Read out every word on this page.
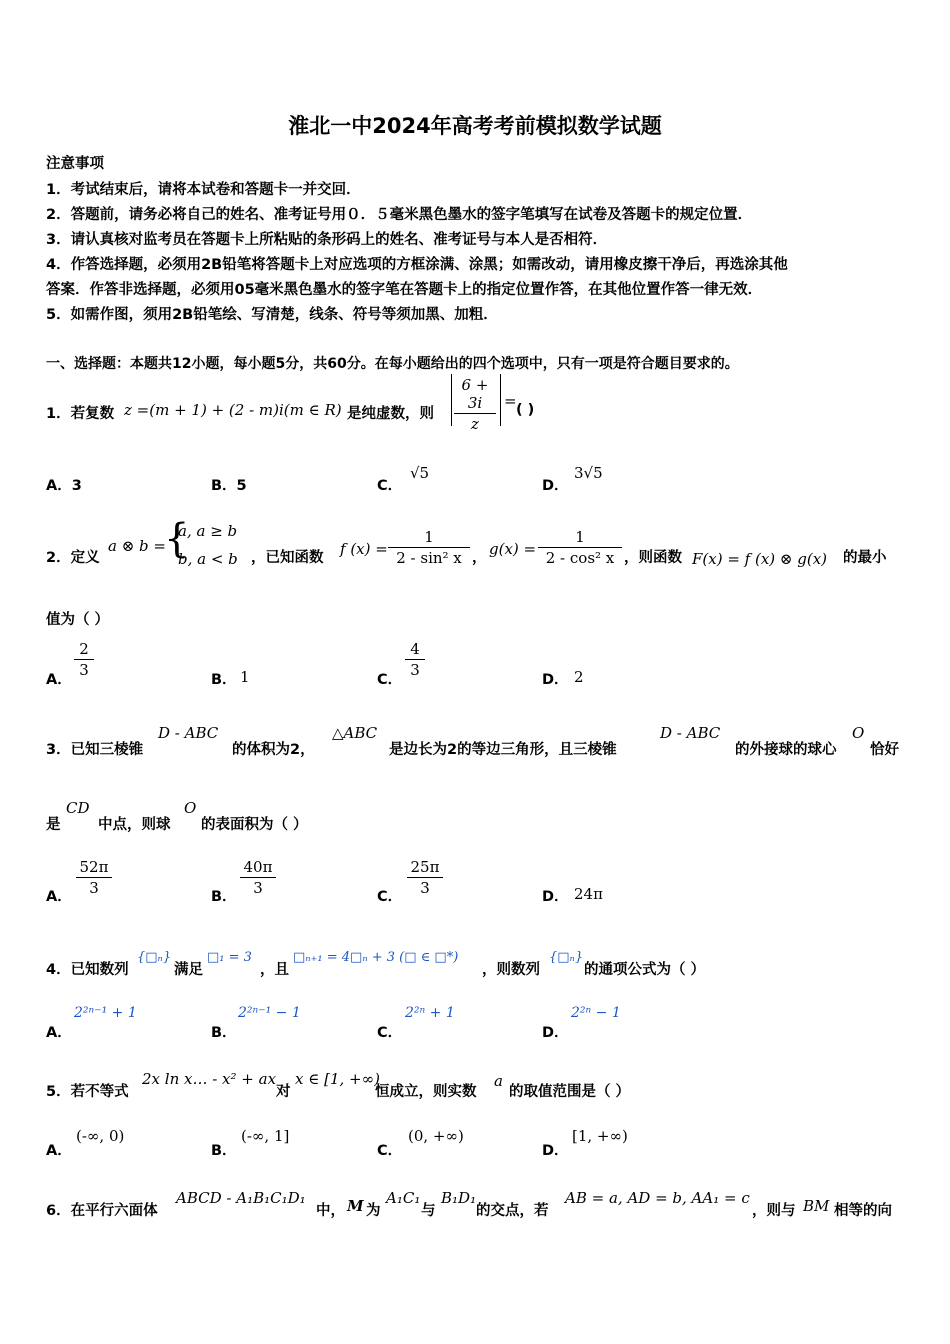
淮北一中2024年高考考前模拟数学试题
注意事项
1．考试结束后，请将本试卷和答题卡一并交回．
2．答题前，请务必将自己的姓名、准考证号用０．５毫米黑色墨水的签字笔填写在试卷及答题卡的规定位置．
3．请认真核对监考员在答题卡上所粘贴的条形码上的姓名、准考证号与本人是否相符．
4．作答选择题，必须用2B铅笔将答题卡上对应选项的方框涂满、涂黑；如需改动，请用橡皮擦干净后，再选涂其他
答案．作答非选择题，必须用05毫米黑色墨水的签字笔在答题卡上的指定位置作答，在其他位置作答一律无效．
5．如需作图，须用2B铅笔绘、写清楚，线条、符号等须加黑、加粗．
一、选择题：本题共12小题，每小题5分，共60分。在每小题给出的四个选项中，只有一项是符合题目要求的。
1．若复数 z =(m + 1) + (2 - m)i(m ∈ R) 是纯虚数，则
6 + 3i
z
= ( )
A．3	B．5	C．
√5
D．
3√5
2．定义
a ⊗ b =
{
a, a ≥ b
b, a < b ，已知函数 f (x) =
1
2 - sin² x ， g(x) =
1
2 - cos² x ，则函数 F(x) = f (x) ⊗ g(x) 的最小
值为（ ）
A．
2
3
B． 1	C．
4
3
D． 2
3．已知三棱锥
D - ABC
的体积为2，
△ABC
是边长为2的等边三角形，且三棱锥
D - ABC
的外接球的球心
O
恰好
是
CD
中点，则球
O
的表面积为（ ）
A．
52π
3	B．
40π
3	C．
25π
3	D． 24π
4．已知数列
{□ₙ}
满足
□₁ = 3
，且
□ₙ₊₁ = 4□ₙ + 3 (□ ∈ □*)
，则数列
{□ₙ}
的通项公式为（ ）
A．
2²ⁿ⁻¹ + 1
B．
2²ⁿ⁻¹ − 1
C．
2²ⁿ + 1
D．
2²ⁿ − 1
5．若不等式
2x ln x… - x² + ax
对
x ∈ [1, +∞)
恒成立，则实数
a
的取值范围是（ ）
A．
(-∞, 0)
B．
(-∞, 1]
C．
(0, +∞)
D．
[1, +∞)
6．在平行六面体
ABCD - A₁B₁C₁D₁
中， M 为
A₁C₁
与
B₁D₁
的交点，若
AB = a, AD = b, AA₁ = c
，则与 BM 相等的向
